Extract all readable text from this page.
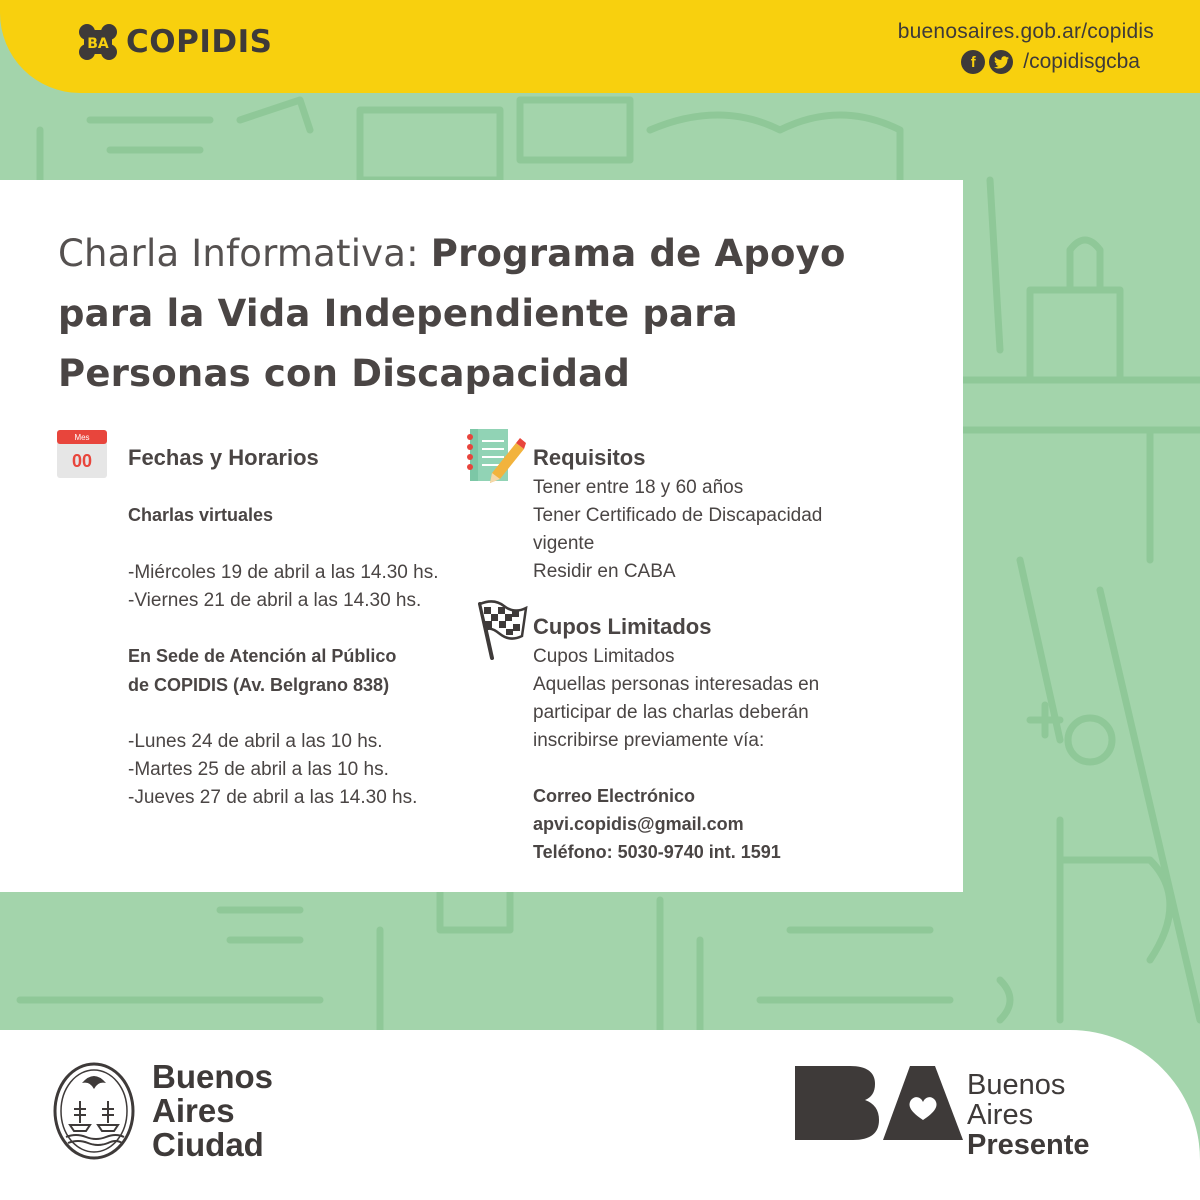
BA COPIDIS	buenosaires.gob.ar/copidis
f	/copidisgcba
Charla Informativa: Programa de Apoyo para la Vida Independiente para Personas con Discapacidad
Mes
00 Fechas y Horarios
Charlas virtuales
-Miércoles 19 de abril a las 14.30 hs.
-Viernes 21 de abril a las 14.30 hs.
En Sede de Atención al Público
de COPIDIS (Av. Belgrano 838)
-Lunes 24 de abril a las 10 hs.
-Martes 25 de abril a las 10 hs.
-Jueves 27 de abril a las 14.30 hs.
Requisitos
Tener entre 18 y 60 años
Tener Certificado de Discapacidad
vigente
Residir en CABA
Cupos Limitados
Cupos Limitados
Aquellas personas interesadas en
participar de las charlas deberán
inscribirse previamente vía:
Correo Electrónico
apvi.copidis@gmail.com
Teléfono: 5030-9740 int. 1591
Buenos
Aires
Ciudad
Buenos
Aires
Presente
